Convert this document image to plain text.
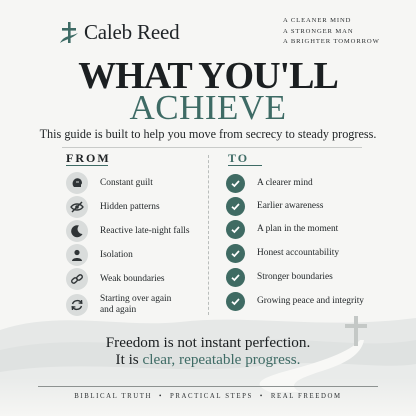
Caleb Reed	A CLEANER MIND
A STRONGER MAN
A BRIGHTER TOMORROW
WHAT YOU'LL
ACHIEVE
This guide is built to help you move from secrecy to steady progress.
FROM	TO
Constant guilt
Hidden patterns
Reactive late-night falls
Isolation
Weak boundaries
Starting over again and again
A clearer mind
Earlier awareness
A plan in the moment
Honest accountability
Stronger boundaries
Growing peace and integrity
Freedom is not instant perfection.
It is clear, repeatable progress.
BIBLICAL TRUTH • PRACTICAL STEPS • REAL FREEDOM
